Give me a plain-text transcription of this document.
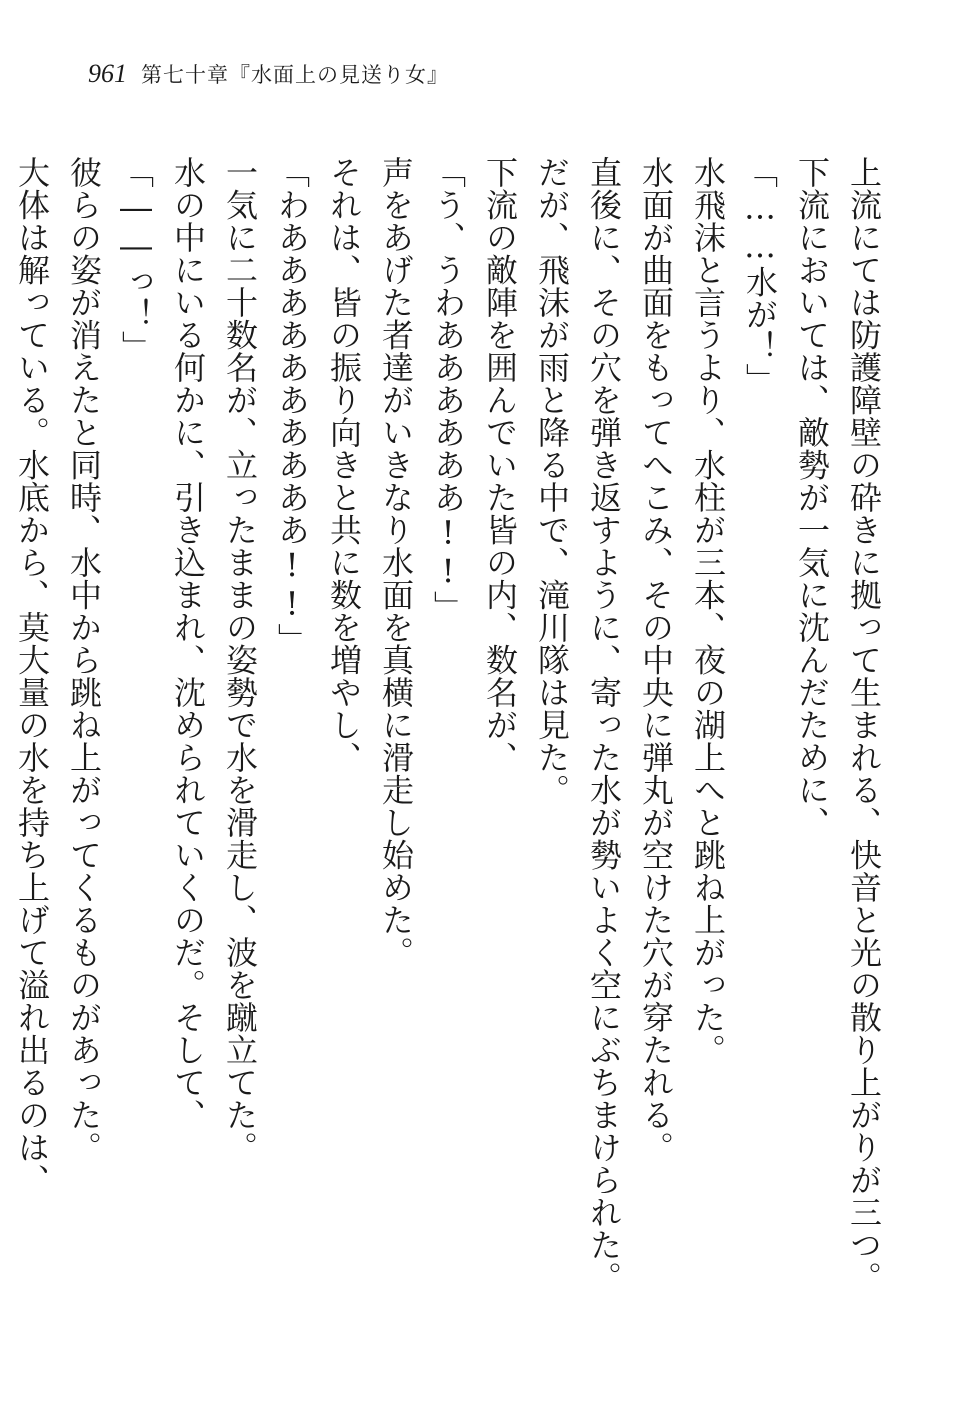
961 第七十章『水面上の見送り女』
上流にては防護障壁の砕きに拠って生まれる、快音と光の散り上がりが三つ。
下流においては、敵勢が一気に沈んだために、
「……水が！」
水飛沫と言うより、水柱が三本、夜の湖上へと跳ね上がった。
水面が曲面をもってへこみ、その中央に弾丸が空けた穴が穿たれる。
直後に、その穴を弾き返すように、寄った水が勢いよく空にぶちまけられた。
だが、飛沫が雨と降る中で、滝川隊は見た。
下流の敵陣を囲んでいた皆の内、数名が、
「う、うわああああああ!!」
声をあげた者達がいきなり水面を真横に滑走し始めた。
それは、皆の振り向きと共に数を増やし、
「わああああああああああ!!」
一気に二十数名が、立ったままの姿勢で水を滑走し、波を蹴立てた。
水の中にいる何かに、引き込まれ、沈められていくのだ。そして、
「――っ！」
彼らの姿が消えたと同時、水中から跳ね上がってくるものがあった。
大体は解っている。水底から、莫大量の水を持ち上げて溢れ出るのは、
